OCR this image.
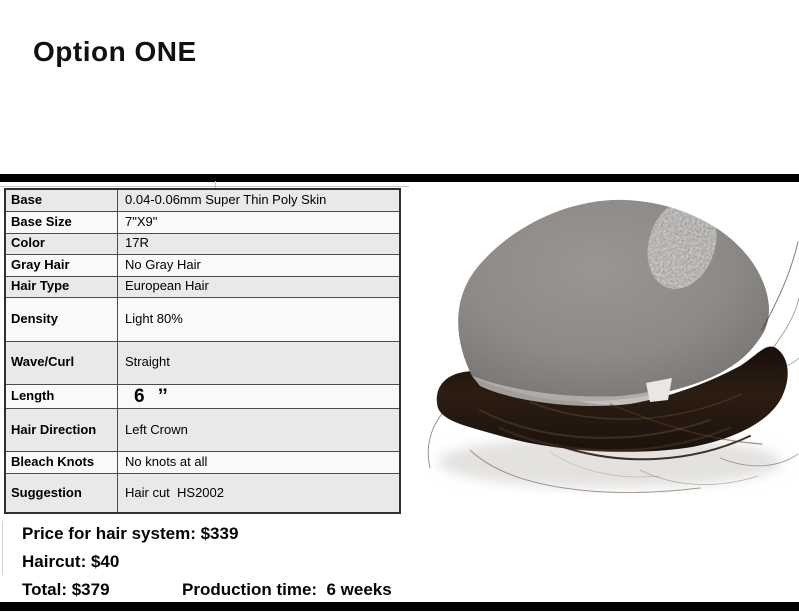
Option ONE
Base	0.04-0.06mm Super Thin Poly Skin
Base Size	7"X9"
Color	17R
Gray Hair	No Gray Hair
Hair Type	European Hair
Density	Light 80%
Wave/Curl	Straight
Length	6 ’’
Hair Direction	Left Crown
Bleach Knots	No knots at all
Suggestion	Hair cut  HS2002
Price for hair system: $339
Haircut: $40
Total: $379	Production time:  6 weeks
